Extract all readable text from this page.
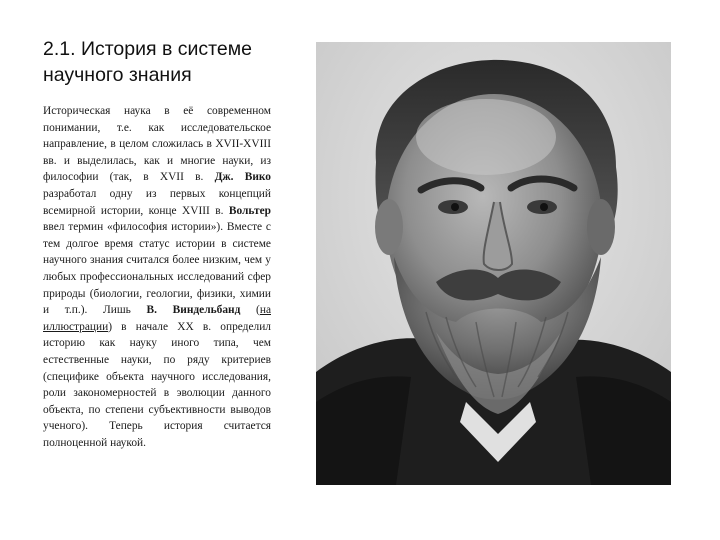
2.1. История в системе научного знания

Историческая наука в её современном понимании, т.е. как исследовательское направление, в целом сложилась в XVII-XVIII вв. и выделилась, как и многие науки, из философии (так, в XVII в. Дж. Вико разработал одну из первых концепций всемирной истории, конце XVIII в. Вольтер ввел термин «философия истории»). Вместе с тем долгое время статус истории в системе научного знания считался более низким, чем у любых профессиональных исследований сфер природы (биологии, геологии, физики, химии и т.п.). Лишь В. Виндельбанд (на иллюстрации) в начале XX в. определил историю как науку иного типа, чем естественные науки, по ряду критериев (специфике объекта научного исследования, роли закономерностей в эволюции данного объекта, по степени субъективности выводов ученого). Теперь история считается полноценной наукой.
